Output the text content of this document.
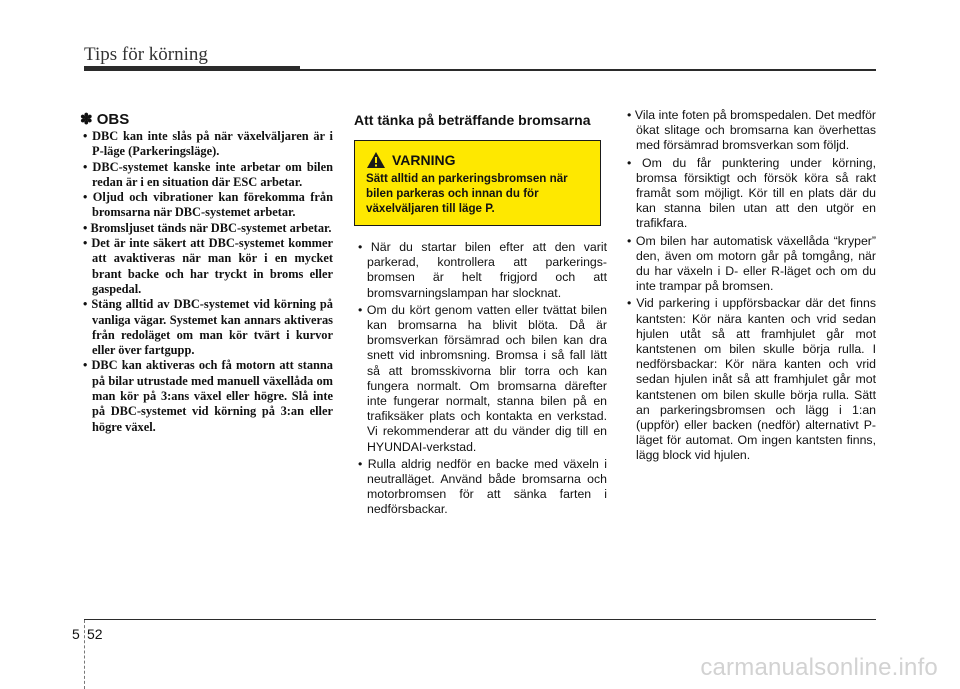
Tips för körning
✽ OBS
• DBC kan inte slås på när växelväljaren är i P-läge (Parkeringsläge).
• DBC-systemet kanske inte arbetar om bilen redan är i en situation där ESC arbetar.
• Oljud och vibrationer kan förekomma från bromsarna när DBC-systemet arbetar.
• Bromsljuset tänds när DBC-systemet arbetar.
• Det är inte säkert att DBC-systemet kommer att avaktiveras när man kör i en mycket brant backe och har tryckt in broms eller gaspedal.
• Stäng alltid av DBC-systemet vid körning på vanliga vägar. Systemet kan annars aktiveras från redoläget om man kör tvärt i kurvor eller över fartgupp.
• DBC kan aktiveras och få motorn att stanna på bilar utrustade med manuell växellåda om man kör på 3:ans växel eller högre. Slå inte på DBC-systemet vid körning på 3:an eller högre växel.
Att tänka på beträffande bromsarna
VARNING
Sätt alltid an parkeringsbromsen när bilen parkeras och innan du för växelväljaren till läge P.
• När du startar bilen efter att den varit parkerad, kontrollera att parkerings-bromsen är helt frigjord och att bromsvarningslampan har slocknat.
• Om du kört genom vatten eller tvättat bilen kan bromsarna ha blivit blöta. Då är bromsverkan försämrad och bilen kan dra snett vid inbromsning. Bromsa i så fall lätt så att bromsskivorna blir torra och kan fungera normalt. Om bromsarna därefter inte fungerar normalt, stanna bilen på en trafiksäker plats och kontakta en verkstad. Vi rekommenderar att du vänder dig till en HYUNDAI-verkstad.
• Rulla aldrig nedför en backe med växeln i neutralläget. Använd både bromsarna och motorbromsen för att sänka farten i nedförsbackar.
• Vila inte foten på bromspedalen. Det medför ökat slitage och bromsarna kan överhettas med försämrad bromsverkan som följd.
• Om du får punktering under körning, bromsa försiktigt och försök köra så rakt framåt som möjligt. Kör till en plats där du kan stanna bilen utan att den utgör en trafikfara.
• Om bilen har automatisk växellåda “kryper” den, även om motorn går på tomgång, när du har växeln i D- eller R-läget och om du inte trampar på bromsen.
• Vid parkering i uppförsbackar där det finns kantsten: Kör nära kanten och vrid sedan hjulen utåt så att framhjulet går mot kantstenen om bilen skulle börja rulla. I nedförsbackar: Kör nära kanten och vrid sedan hjulen inåt så att framhjulet går mot kantstenen om bilen skulle börja rulla. Sätt an parkeringsbromsen och lägg i 1:an (uppför) eller backen (nedför) alternativt P-läget för automat. Om ingen kantsten finns, lägg block vid hjulen.
5 52
carmanualsonline.info
